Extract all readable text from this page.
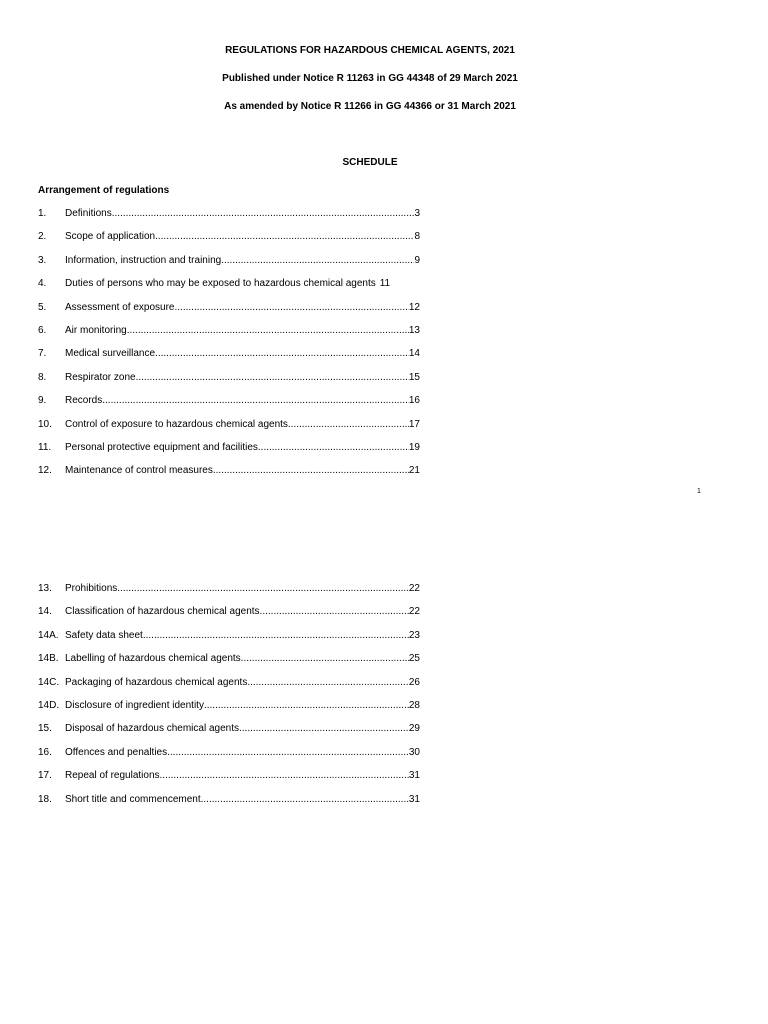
REGULATIONS FOR HAZARDOUS CHEMICAL AGENTS, 2021
Published under Notice R 11263 in GG 44348 of 29 March 2021
As amended by Notice R 11266 in GG 44366 or 31 March 2021
SCHEDULE
Arrangement of regulations
1.	Definitions .....	3
2.	Scope of application .....	8
3.	Information, instruction and training .....	9
4.	Duties of persons who may be exposed to hazardous chemical agents 11
5.	Assessment of exposure .....	12
6.	Air monitoring .....	13
7.	Medical surveillance .....	14
8.	Respirator zone .....	15
9.	Records .....	16
10.	Control of exposure to hazardous chemical agents .....	17
11.	Personal protective equipment and facilities .....	19
12.	Maintenance of control measures .....	21
1
13.	Prohibitions .....	22
14.	Classification of hazardous chemical agents .....	22
14A. Safety data sheet .....	23
14B. Labelling of hazardous chemical agents .....	25
14C. Packaging of hazardous chemical agents .....	26
14D. Disclosure of ingredient identity .....	28
15.	Disposal of hazardous chemical agents .....	29
16.	Offences and penalties .....	30
17.	Repeal of regulations .....	31
18.	Short title and commencement .....	31
